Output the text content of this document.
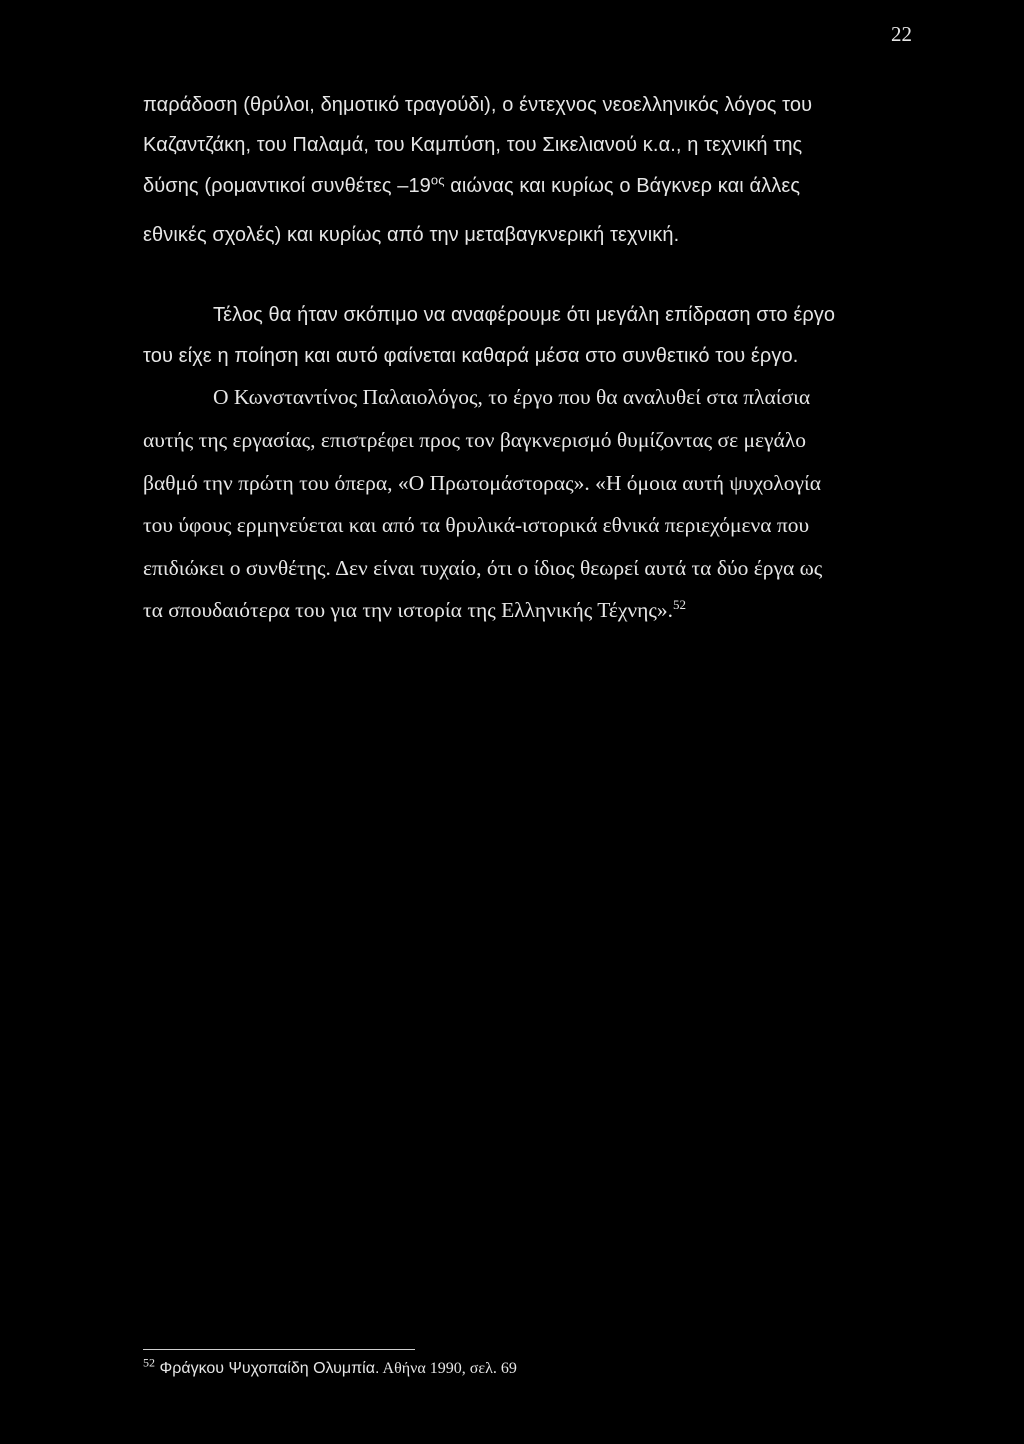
22
παράδοση (θρύλοι, δημοτικό τραγούδι), ο έντεχνος νεοελληνικός λόγος του
Καζαντζάκη, του Παλαμά, του Καμπύση, του Σικελιανού κ.α., η τεχνική της
δύσης (ρομαντικοί συνθέτες –19$^{o\varsigma}$ αιώνας και κυρίως ο Βάγκνερ και άλλες
εθνικές σχολές) και κυρίως από την μεταβαγκνερική τεχνική.
Τέλος θα ήταν σκόπιμο να αναφέρουμε ότι μεγάλη επίδραση στο έργο
του είχε η ποίηση και αυτό φαίνεται καθαρά μέσα στο συνθετικό του έργο.
Ο Κωνσταντίνος Παλαιολόγος, το έργο που θα αναλυθεί στα πλαίσια
αυτής της εργασίας, επιστρέφει προς τον βαγκνερισμό θυμίζοντας σε μεγάλο
βαθμό την πρώτη του όπερα, «Ο Πρωτομάστορας». «Η όμοια αυτή ψυχολογία
του ύφους ερμηνεύεται και από τα θρυλικά-ιστορικά εθνικά περιεχόμενα που
επιδιώκει ο συνθέτης. Δεν είναι τυχαίο, ότι ο ίδιος θεωρεί αυτά τα δύο έργα ως
τα σπουδαιότερα του για την ιστορία της Ελληνικής Τέχνης».$^{52}$
$^{52}$ Φράγκου Ψυχοπαίδη Ολυμπία. Αθήνα 1990, σελ. 69
